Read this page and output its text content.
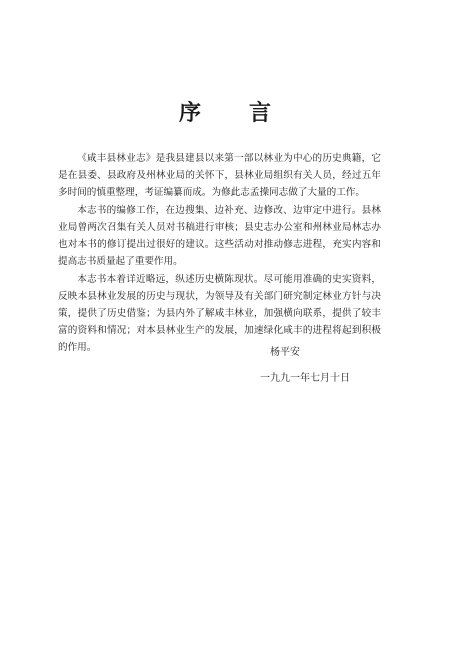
序 言

《咸丰县林业志》是我县建县以来第一部以林业为中心的历史典籍，它是在县委、县政府及州林业局的关怀下，县林业局组织有关人员，经过五年多时间的慎重整理，考证编纂而成。为修此志孟操同志做了大量的工作。

本志书的编修工作，在边搜集、边补充、边修改、边审定中进行。县林业局曾两次召集有关人员对书稿进行审核；县史志办公室和州林业局林志办也对本书的修订提出过很好的建议。这些活动对推动修志进程，充实内容和提高志书质量起了重要作用。

本志书本着详近略远，纵述历史横陈现状。尽可能用准确的史实资料，反映本县林业发展的历史与现状，为领导及有关部门研究制定林业方针与决策，提供了历史借鉴；为县内外了解咸丰林业，加强横向联系，提供了较丰富的资料和情况；对本县林业生产的发展，加速绿化咸丰的进程将起到积极的作用。	杨平安
一九九一年七月十日
